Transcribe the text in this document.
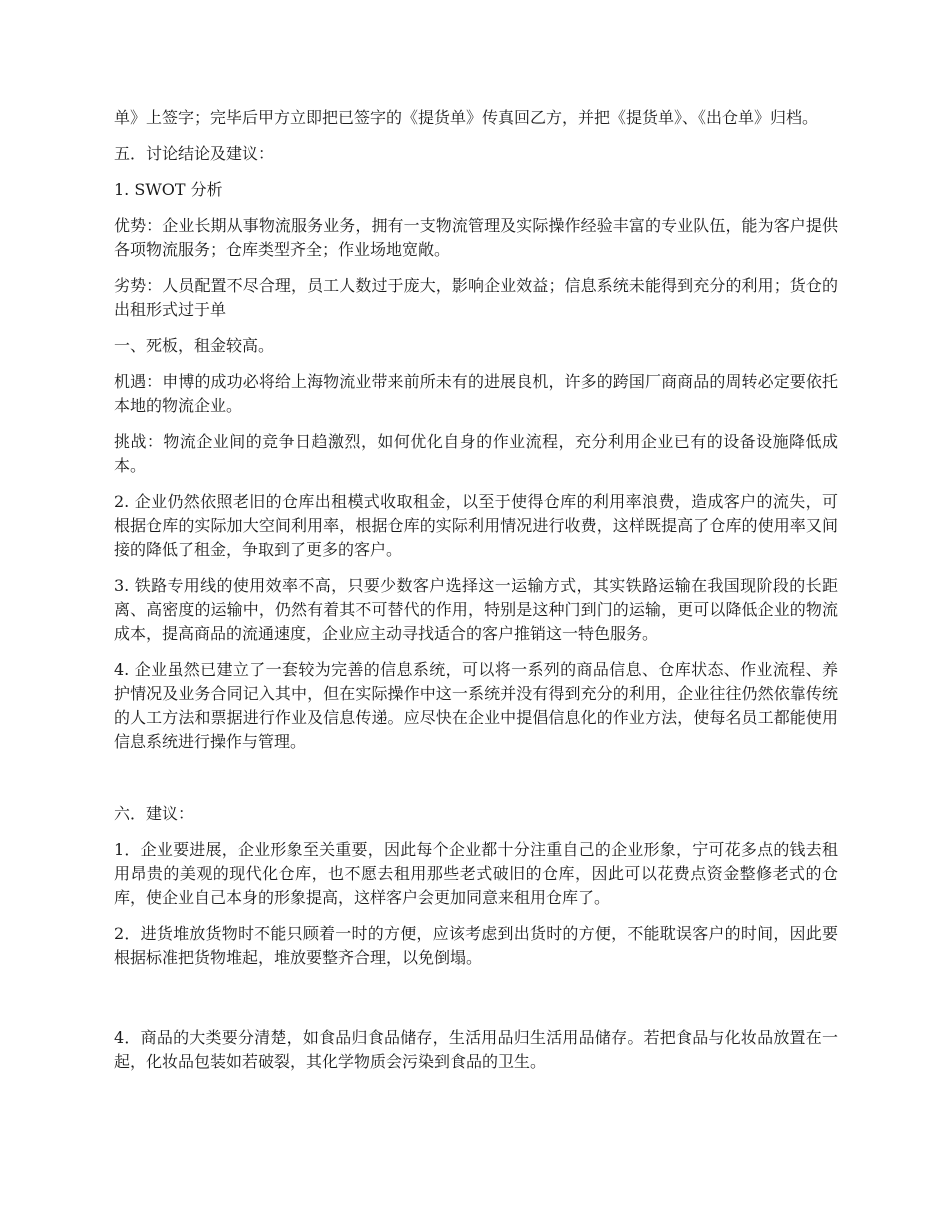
单》上签字；完毕后甲方立即把已签字的《提货单》传真回乙方，并把《提货单》、《出仓单》归档。

五．讨论结论及建议：

1. SWOT 分析

优势：企业长期从事物流服务业务，拥有一支物流管理及实际操作经验丰富的专业队伍，能为客户提供各项物流服务；仓库类型齐全；作业场地宽敞。

劣势：人员配置不尽合理，员工人数过于庞大，影响企业效益；信息系统未能得到充分的利用；货仓的出租形式过于单

一、死板，租金较高。

机遇：申博的成功必将给上海物流业带来前所未有的进展良机，许多的跨国厂商商品的周转必定要依托本地的物流企业。

挑战：物流企业间的竞争日趋激烈，如何优化自身的作业流程，充分利用企业已有的设备设施降低成本。

2. 企业仍然依照老旧的仓库出租模式收取租金，以至于使得仓库的利用率浪费，造成客户的流失，可根据仓库的实际加大空间利用率，根据仓库的实际利用情况进行收费，这样既提高了仓库的使用率又间接的降低了租金，争取到了更多的客户。

3. 铁路专用线的使用效率不高，只要少数客户选择这一运输方式，其实铁路运输在我国现阶段的长距离、高密度的运输中，仍然有着其不可替代的作用，特别是这种门到门的运输，更可以降低企业的物流成本，提高商品的流通速度，企业应主动寻找适合的客户推销这一特色服务。

4. 企业虽然已建立了一套较为完善的信息系统，可以将一系列的商品信息、仓库状态、作业流程、养护情况及业务合同记入其中，但在实际操作中这一系统并没有得到充分的利用，企业往往仍然依靠传统的人工方法和票据进行作业及信息传递。应尽快在企业中提倡信息化的作业方法，使每名员工都能使用信息系统进行操作与管理。

六．建议：

1．企业要进展，企业形象至关重要，因此每个企业都十分注重自己的企业形象，宁可花多点的钱去租用昂贵的美观的现代化仓库，也不愿去租用那些老式破旧的仓库，因此可以花费点资金整修老式的仓库，使企业自己本身的形象提高，这样客户会更加同意来租用仓库了。

2．进货堆放货物时不能只顾着一时的方便，应该考虑到出货时的方便，不能耽误客户的时间，因此要根据标准把货物堆起，堆放要整齐合理，以免倒塌。

4．商品的大类要分清楚，如食品归食品储存，生活用品归生活用品储存。若把食品与化妆品放置在一起，化妆品包装如若破裂，其化学物质会污染到食品的卫生。
